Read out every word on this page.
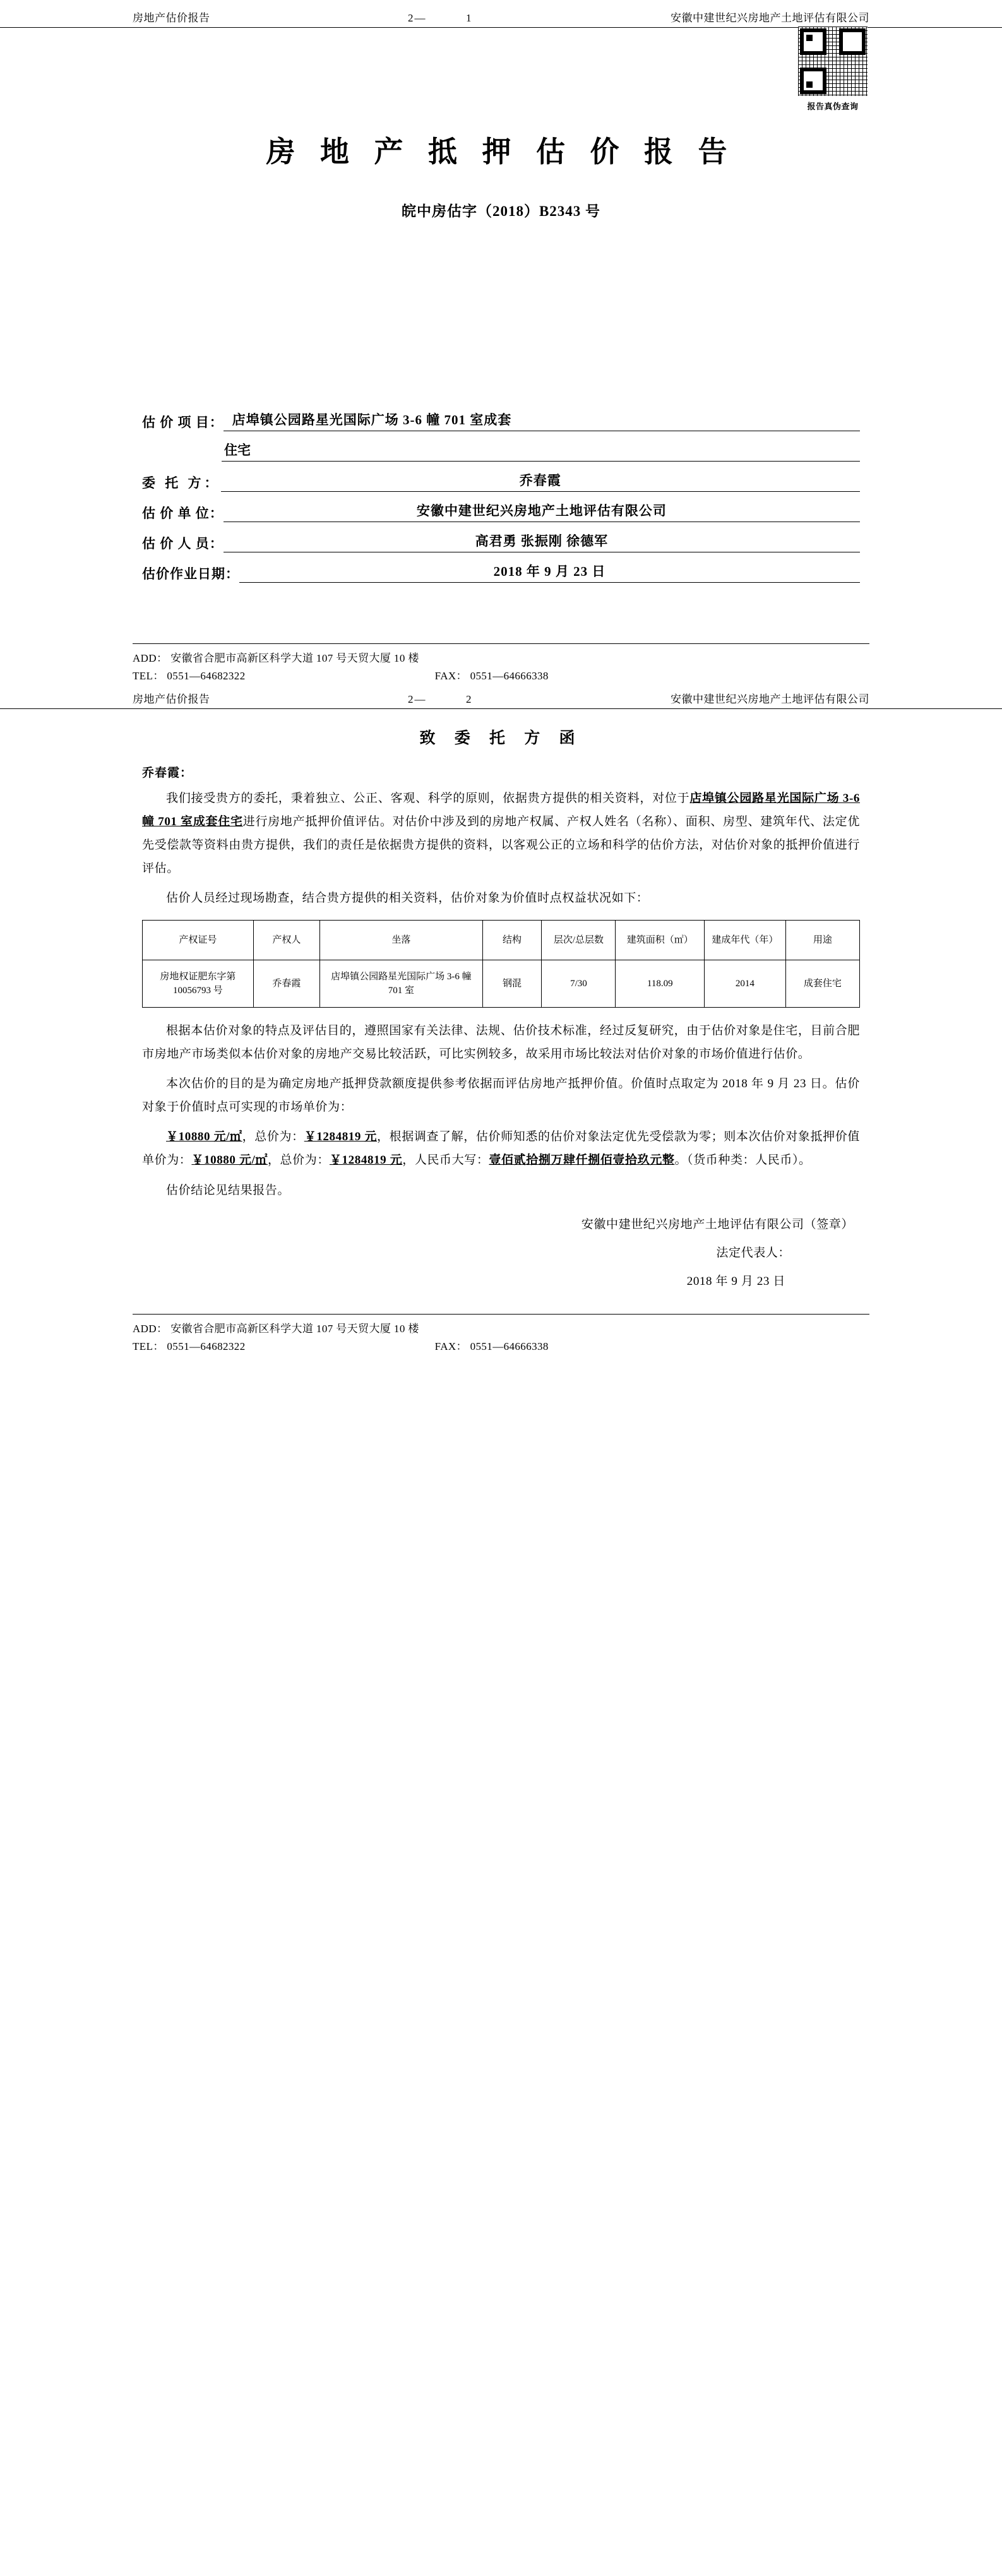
房地产估价报告	2—	1	安徽中建世纪兴房地产土地评估有限公司
报告真伪查询
房 地 产 抵 押 估 价 报 告
皖中房估字（2018）B2343 号
估 价 项 目： 店埠镇公园路星光国际广场 3-6 幢 701 室成套
住宅
委 托 方：	乔春霞
估 价 单 位：	安徽中建世纪兴房地产土地评估有限公司
估 价 人 员：	高君勇 张振刚 徐德军
估价作业日期：	2018 年 9 月 23 日
ADD： 安徽省合肥市高新区科学大道 107 号天贸大厦 10 楼
TEL： 0551—64682322	FAX： 0551—64666338
房地产估价报告	2—	2	安徽中建世纪兴房地产土地评估有限公司
致 委 托 方 函
乔春霞：

我们接受贵方的委托，秉着独立、公正、客观、科学的原则，依据贵方提供的相关资料，对位于店埠镇公园路星光国际广场 3-6 幢 701 室成套住宅进行房地产抵押价值评估。对估价中涉及到的房地产权属、产权人姓名（名称）、面积、房型、建筑年代、法定优先受偿款等资料由贵方提供，我们的责任是依据贵方提供的资料，以客观公正的立场和科学的估价方法，对估价对象的抵押价值进行评估。

估价人员经过现场勘查，结合贵方提供的相关资料，估价对象为价值时点权益状况如下：

产权证号	产权人	坐落	结构	层次/总层数	建筑面积（㎡）	建成年代（年）	用途
房地权证肥东字第 10056793 号	乔春霞	店埠镇公园路星光国际广场 3-6 幢 701 室	钢混	7/30	118.09	2014	成套住宅

根据本估价对象的特点及评估目的，遵照国家有关法律、法规、估价技术标准，经过反复研究，由于估价对象是住宅，目前合肥市房地产市场类似本估价对象的房地产交易比较活跃，可比实例较多，故采用市场比较法对估价对象的市场价值进行估价。

本次估价的目的是为确定房地产抵押贷款额度提供参考依据而评估房地产抵押价值。价值时点取定为 2018 年 9 月 23 日。估价对象于价值时点可实现的市场单价为：

￥10880 元/㎡，总价为：￥1284819 元，根据调查了解，估价师知悉的估价对象法定优先受偿款为零；则本次估价对象抵押价值单价为：￥10880 元/㎡，总价为：￥1284819 元，人民币大写：壹佰贰拾捌万肆仟捌佰壹拾玖元整。（货币种类：人民币）。

估价结论见结果报告。

安徽中建世纪兴房地产土地评估有限公司（签章）
法定代表人：
2018 年 9 月 23 日
ADD： 安徽省合肥市高新区科学大道 107 号天贸大厦 10 楼
TEL： 0551—64682322	FAX： 0551—64666338
